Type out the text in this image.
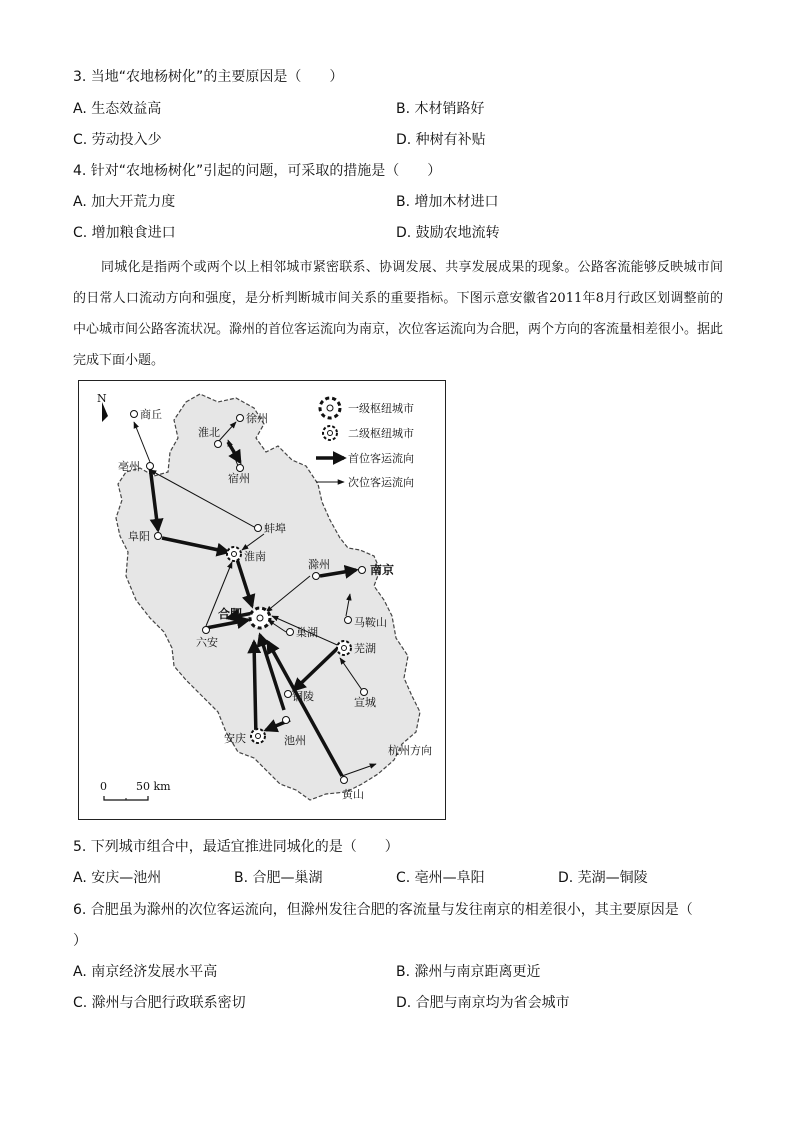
3. 当地“农地杨树化”的主要原因是（　　）
A. 生态效益高	B. 木材销路好
C. 劳动投入少	D. 种树有补贴
4. 针对“农地杨树化”引起的问题，可采取的措施是（　　）
A. 加大开荒力度	B. 增加木材进口
C. 增加粮食进口	D. 鼓励农地流转
同城化是指两个或两个以上相邻城市紧密联系、协调发展、共享发展成果的现象。公路客流能够反映城市间的日常人口流动方向和强度，是分析判断城市间关系的重要指标。下图示意安徽省2011年8月行政区划调整前的中心城市间公路客流状况。滁州的首位客运流向为南京，次位客运流向为合肥，两个方向的客流量相差很小。据此完成下面小题。
N
一级枢纽城市
二级枢纽城市
首位客运流向
次位客运流向
商丘	徐州
淮北
宿州
亳州
蚌埠
阜阳
淮南
滁州	南京
合肥
六安
巢湖
马鞍山
芜湖
铜陵	宣城
池州
安庆
黄山
杭州方向
0	50 km
5. 下列城市组合中，最适宜推进同城化的是（　　）
A. 安庆—池州	B. 合肥—巢湖	C. 亳州—阜阳	D. 芜湖—铜陵
6. 合肥虽为滁州的次位客运流向，但滁州发往合肥的客流量与发往南京的相差很小，其主要原因是（
）
A. 南京经济发展水平高	B. 滁州与南京距离更近
C. 滁州与合肥行政联系密切	D. 合肥与南京均为省会城市
